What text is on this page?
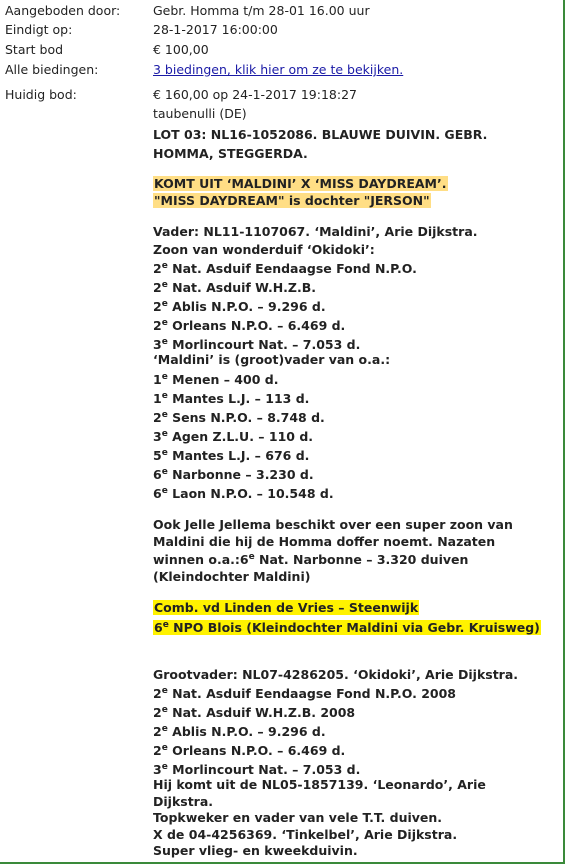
Aangeboden door:	Gebr. Homma t/m 28-01 16.00 uur
Eindigt op:	28-1-2017 16:00:00
Start bod	€ 100,00
Alle biedingen:	3 biedingen, klik hier om ze te bekijken.
Huidig bod:	€ 160,00 op 24-1-2017 19:18:27
taubenulli (DE)
LOT 03: NL16-1052086. BLAUWE DUIVIN. GEBR.
HOMMA, STEGGERDA.
KOMT UIT ‘MALDINI’ X ‘MISS DAYDREAM’.
"MISS DAYDREAM" is dochter "JERSON"
Vader: NL11-1107067. ‘Maldini’, Arie Dijkstra.
Zoon van wonderduif ‘Okidoki’:
2e Nat. Asduif Eendaagse Fond N.P.O.
2e Nat. Asduif W.H.Z.B.
2e Ablis N.P.O. – 9.296 d.
2e Orleans N.P.O. – 6.469 d.
3e Morlincourt Nat. – 7.053 d.
‘Maldini’ is (groot)vader van o.a.:
1e Menen – 400 d.
1e Mantes L.J. – 113 d.
2e Sens N.P.O. – 8.748 d.
3e Agen Z.L.U. – 110 d.
5e Mantes L.J. – 676 d.
6e Narbonne – 3.230 d.
6e Laon N.P.O. – 10.548 d.
Ook Jelle Jellema beschikt over een super zoon van
Maldini die hij de Homma doffer noemt. Nazaten
winnen o.a.:6e Nat. Narbonne – 3.320 duiven
(Kleindochter Maldini)
Comb. vd Linden de Vries – Steenwijk
6e NPO Blois (Kleindochter Maldini via Gebr. Kruisweg)
Grootvader: NL07-4286205. ‘Okidoki’, Arie Dijkstra.
2e Nat. Asduif Eendaagse Fond N.P.O. 2008
2e Nat. Asduif W.H.Z.B. 2008
2e Ablis N.P.O. – 9.296 d.
2e Orleans N.P.O. – 6.469 d.
3e Morlincourt Nat. – 7.053 d.
Hij komt uit de NL05-1857139. ‘Leonardo’, Arie
Dijkstra.
Topkweker en vader van vele T.T. duiven.
X de 04-4256369. ‘Tinkelbel’, Arie Dijkstra.
Super vlieg- en kweekduivin.
